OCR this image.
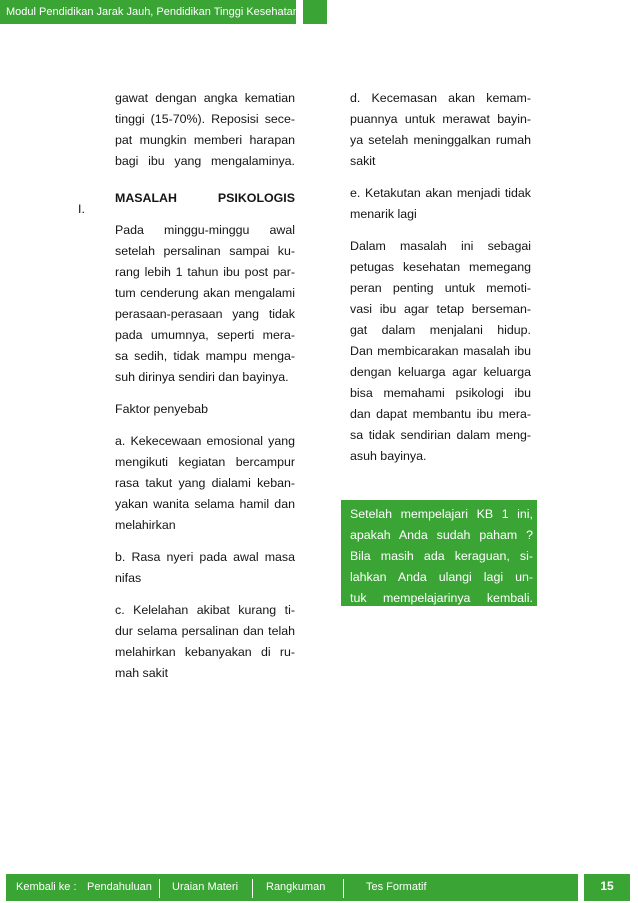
Modul Pendidikan Jarak Jauh, Pendidikan Tinggi Kesehatan

gawat dengan angka kematian
tinggi (15-70%). Reposisi sece-
pat mungkin memberi harapan
bagi ibu yang mengalaminya.

MASALAH	PSIKOLOGIS

Pada minggu-minggu awal
setelah persalinan sampai ku-
rang lebih 1 tahun ibu post par-
tum cenderung akan mengalami
perasaan-perasaan yang tidak
pada umumnya, seperti mera-
sa sedih, tidak mampu menga-
suh dirinya sendiri dan bayinya.

Faktor penyebab

a. Kekecewaan emosional yang
mengikuti kegiatan bercampur
rasa takut yang dialami keban-
yakan wanita selama hamil dan
melahirkan

b. Rasa nyeri pada awal masa
nifas

c. Kelelahan akibat kurang ti-
dur selama persalinan dan telah
melahirkan kebanyakan di ru-
mah sakit

I.

d. Kecemasan akan kemam-
puannya untuk merawat bayin-
ya setelah meninggalkan rumah
sakit

e. Ketakutan akan menjadi tidak
menarik lagi

Dalam masalah ini sebagai
petugas kesehatan memegang
peran penting untuk memoti-
vasi ibu agar tetap berseman-
gat dalam menjalani hidup.
Dan membicarakan masalah ibu
dengan keluarga agar keluarga
bisa memahami psikologi ibu
dan dapat membantu ibu mera-
sa tidak sendirian dalam meng-
asuh bayinya.

Setelah mempelajari KB 1 ini,
apakah Anda sudah paham ?
Bila masih ada keraguan, si-
lahkan Anda ulangi lagi un-
tuk mempelajarinya kembali.
Kembali ke : Pendahuluan Uraian Materi	Rangkuman	Tes Formatif	15
